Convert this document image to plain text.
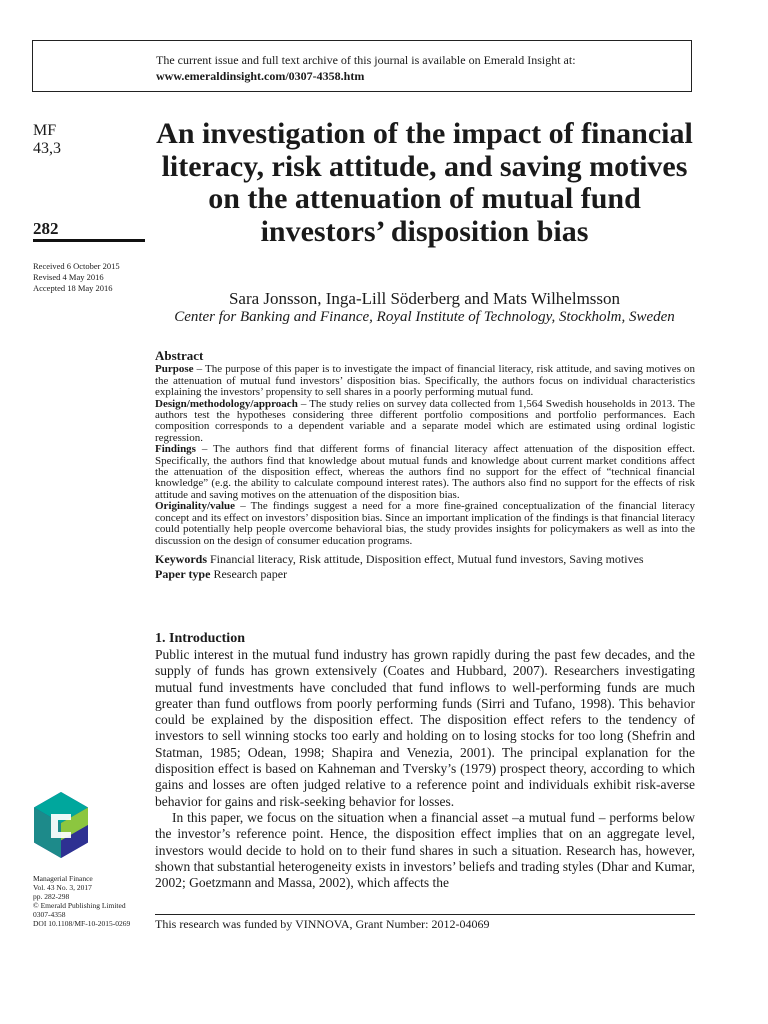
The current issue and full text archive of this journal is available on Emerald Insight at:
www.emeraldinsight.com/0307-4358.htm
MF
43,3
282
Received 6 October 2015
Revised 4 May 2016
Accepted 18 May 2016
An investigation of the impact of financial literacy, risk attitude, and saving motives on the attenuation of mutual fund investors’ disposition bias
Sara Jonsson, Inga-Lill Söderberg and Mats Wilhelmsson
Center for Banking and Finance, Royal Institute of Technology, Stockholm, Sweden
Abstract

Purpose – The purpose of this paper is to investigate the impact of financial literacy, risk attitude, and saving motives on the attenuation of mutual fund investors’ disposition bias. Specifically, the authors focus on individual characteristics explaining the investors’ propensity to sell shares in a poorly performing mutual fund.

Design/methodology/approach – The study relies on survey data collected from 1,564 Swedish households in 2013. The authors test the hypotheses considering three different portfolio compositions and portfolio performances. Each composition corresponds to a dependent variable and a separate model which are estimated using ordinal logistic regression.

Findings – The authors find that different forms of financial literacy affect attenuation of the disposition effect. Specifically, the authors find that knowledge about mutual funds and knowledge about current market conditions affect the attenuation of the disposition effect, whereas the authors find no support for the effect of “technical financial knowledge” (e.g. the ability to calculate compound interest rates). The authors also find no support for the effects of risk attitude and saving motives on the attenuation of the disposition bias.

Originality/value – The findings suggest a need for a more fine-grained conceptualization of the financial literacy concept and its effect on investors’ disposition bias. Since an important implication of the findings is that financial literacy could potentially help people overcome behavioral bias, the study provides insights for policymakers as well as into the discussion on the design of consumer education programs.

Keywords Financial literacy, Risk attitude, Disposition effect, Mutual fund investors, Saving motives
Paper type Research paper

1. Introduction

Public interest in the mutual fund industry has grown rapidly during the past few decades, and the supply of funds has grown extensively (Coates and Hubbard, 2007). Researchers investigating mutual fund investments have concluded that fund inflows to well-performing funds are much greater than fund outflows from poorly performing funds (Sirri and Tufano, 1998). This behavior could be explained by the disposition effect. The disposition effect refers to the tendency of investors to sell winning stocks too early and holding on to losing stocks for too long (Shefrin and Statman, 1985; Odean, 1998; Shapira and Venezia, 2001). The principal explanation for the disposition effect is based on Kahneman and Tversky’s (1979) prospect theory, according to which gains and losses are often judged relative to a reference point and individuals exhibit risk-averse behavior for gains and risk-seeking behavior for losses.

In this paper, we focus on the situation when a financial asset –a mutual fund – performs below the investor’s reference point. Hence, the disposition effect implies that on an aggregate level, investors would decide to hold on to their fund shares in such a situation. Research has, however, shown that substantial heterogeneity exists in investors’ beliefs and trading styles (Dhar and Kumar, 2002; Goetzmann and Massa, 2002), which affects the

This research was funded by VINNOVA, Grant Number: 2012-04069
Managerial Finance
Vol. 43 No. 3, 2017
pp. 282-298
© Emerald Publishing Limited
0307-4358
DOI 10.1108/MF-10-2015-0269
